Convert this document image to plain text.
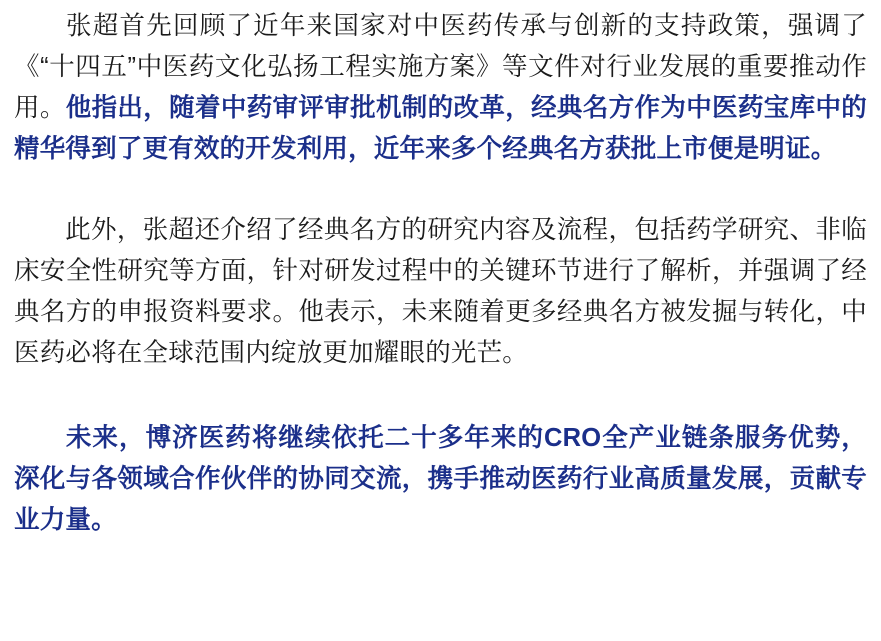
张超首先回顾了近年来国家对中医药传承与创新的支持政策，强调了《“十四五”中医药文化弘扬工程实施方案》等文件对行业发展的重要推动作用。他指出，随着中药审评审批机制的改革，经典名方作为中医药宝库中的精华得到了更有效的开发利用，近年来多个经典名方获批上市便是明证。

此外，张超还介绍了经典名方的研究内容及流程，包括药学研究、非临床安全性研究等方面，针对研发过程中的关键环节进行了解析，并强调了经典名方的申报资料要求。他表示，未来随着更多经典名方被发掘与转化，中医药必将在全球范围内绽放更加耀眼的光芒。

未来，博济医药将继续依托二十多年来的CRO全产业链条服务优势，深化与各领域合作伙伴的协同交流，携手推动医药行业高质量发展，贡献专业力量。
